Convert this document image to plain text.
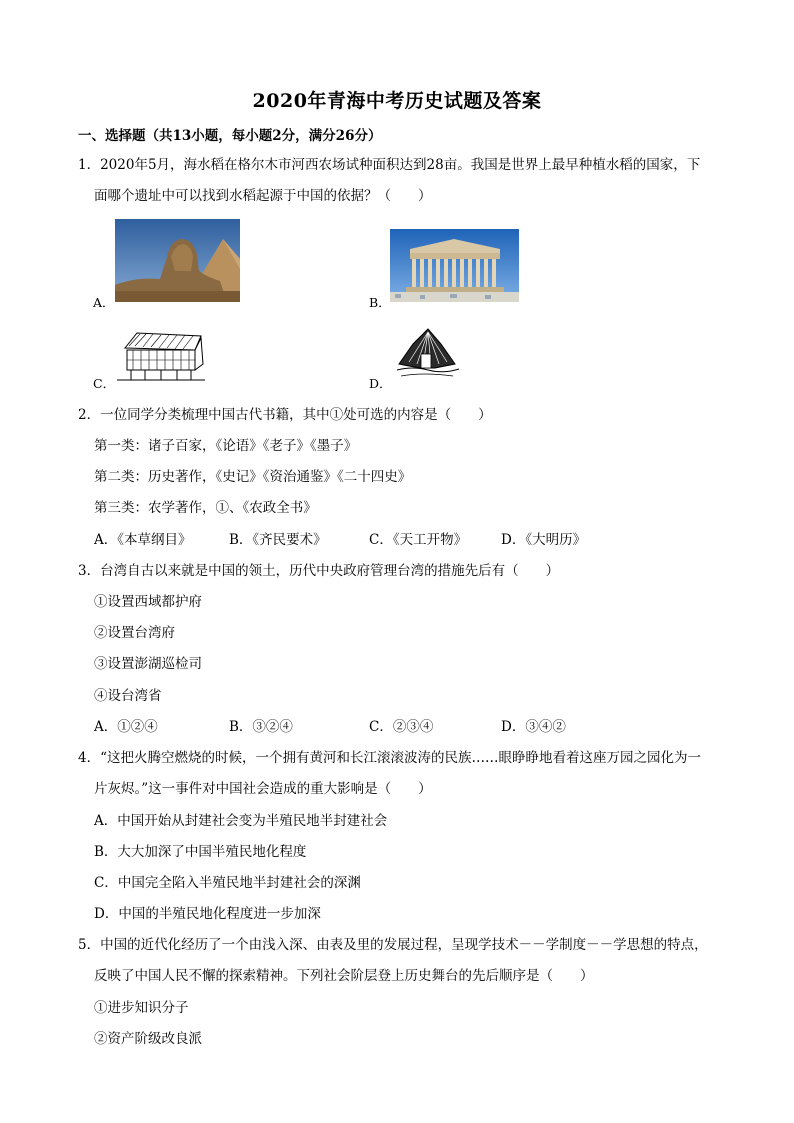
2020年青海中考历史试题及答案
一、选择题（共13小题，每小题2分，满分26分）
1．2020年5月，海水稻在格尔木市河西农场试种面积达到28亩。我国是世界上最早种植水稻的国家，下
面哪个遗址中可以找到水稻起源于中国的依据？（　　）
A．	B．
C．	D．
2．一位同学分类梳理中国古代书籍，其中①处可选的内容是（　　）
第一类：诸子百家，《论语》《老子》《墨子》
第二类：历史著作，《史记》《资治通鉴》《二十四史》
第三类：农学著作，①、《农政全书》
A．《本草纲目》	B．《齐民要术》	C．《天工开物》	D．《大明历》
3．台湾自古以来就是中国的领土，历代中央政府管理台湾的措施先后有（　　）
①设置西域都护府
②设置台湾府
③设置澎湖巡检司
④设台湾省
A．①②④	B．③②④	C．②③④	D．③④②
4．“这把火腾空燃烧的时候，一个拥有黄河和长江滚滚波涛的民族……眼睁睁地看着这座万园之园化为一
片灰烬。”这一事件对中国社会造成的重大影响是（　　）
A．中国开始从封建社会变为半殖民地半封建社会
B．大大加深了中国半殖民地化程度
C．中国完全陷入半殖民地半封建社会的深渊
D．中国的半殖民地化程度进一步加深
5．中国的近代化经历了一个由浅入深、由表及里的发展过程，呈现学技术－－学制度－－学思想的特点，
反映了中国人民不懈的探索精神。下列社会阶层登上历史舞台的先后顺序是（　　）
①进步知识分子
②资产阶级改良派
